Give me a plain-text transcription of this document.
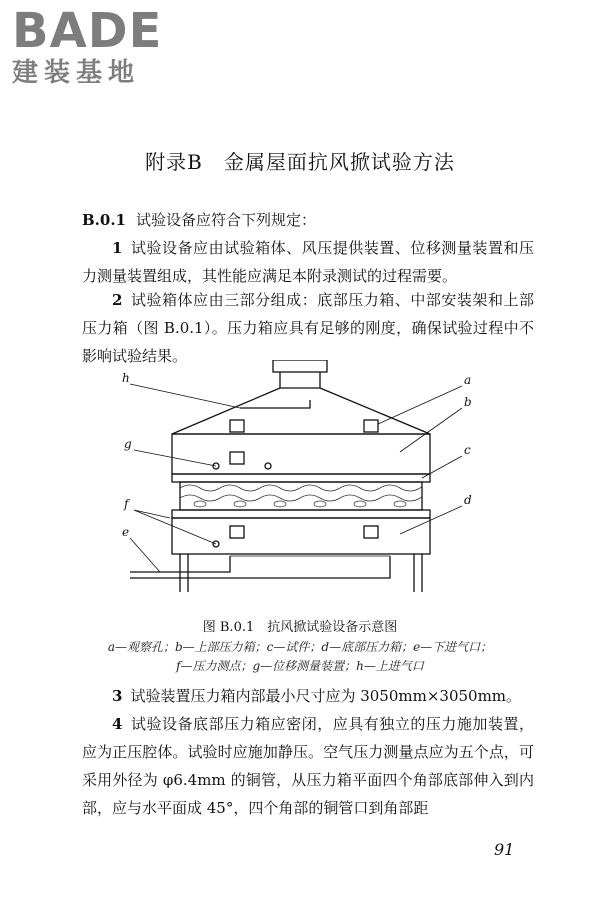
BADE
建装基地
附录B　金属屋面抗风掀试验方法
B.0.1 试验设备应符合下列规定：
1 试验设备应由试验箱体、风压提供装置、位移测量装置和压力测量装置组成，其性能应满足本附录测试的过程需要。
2 试验箱体应由三部分组成：底部压力箱、中部安装架和上部压力箱（图 B.0.1）。压力箱应具有足够的刚度，确保试验过程中不影响试验结果。
h	a
b
g	c
d
f
e
图 B.0.1　抗风掀试验设备示意图
a—观察孔；b—上部压力箱；c—试件；d—底部压力箱；e—下进气口；
f—压力测点；g—位移测量装置；h—上进气口
3 试验装置压力箱内部最小尺寸应为 3050mm×3050mm。
4 试验设备底部压力箱应密闭，应具有独立的压力施加装置，应为正压腔体。试验时应施加静压。空气压力测量点应为五个点，可采用外径为 φ6.4mm 的铜管，从压力箱平面四个角部底部伸入到内部，应与水平面成 45°，四个角部的铜管口到角部距
91
